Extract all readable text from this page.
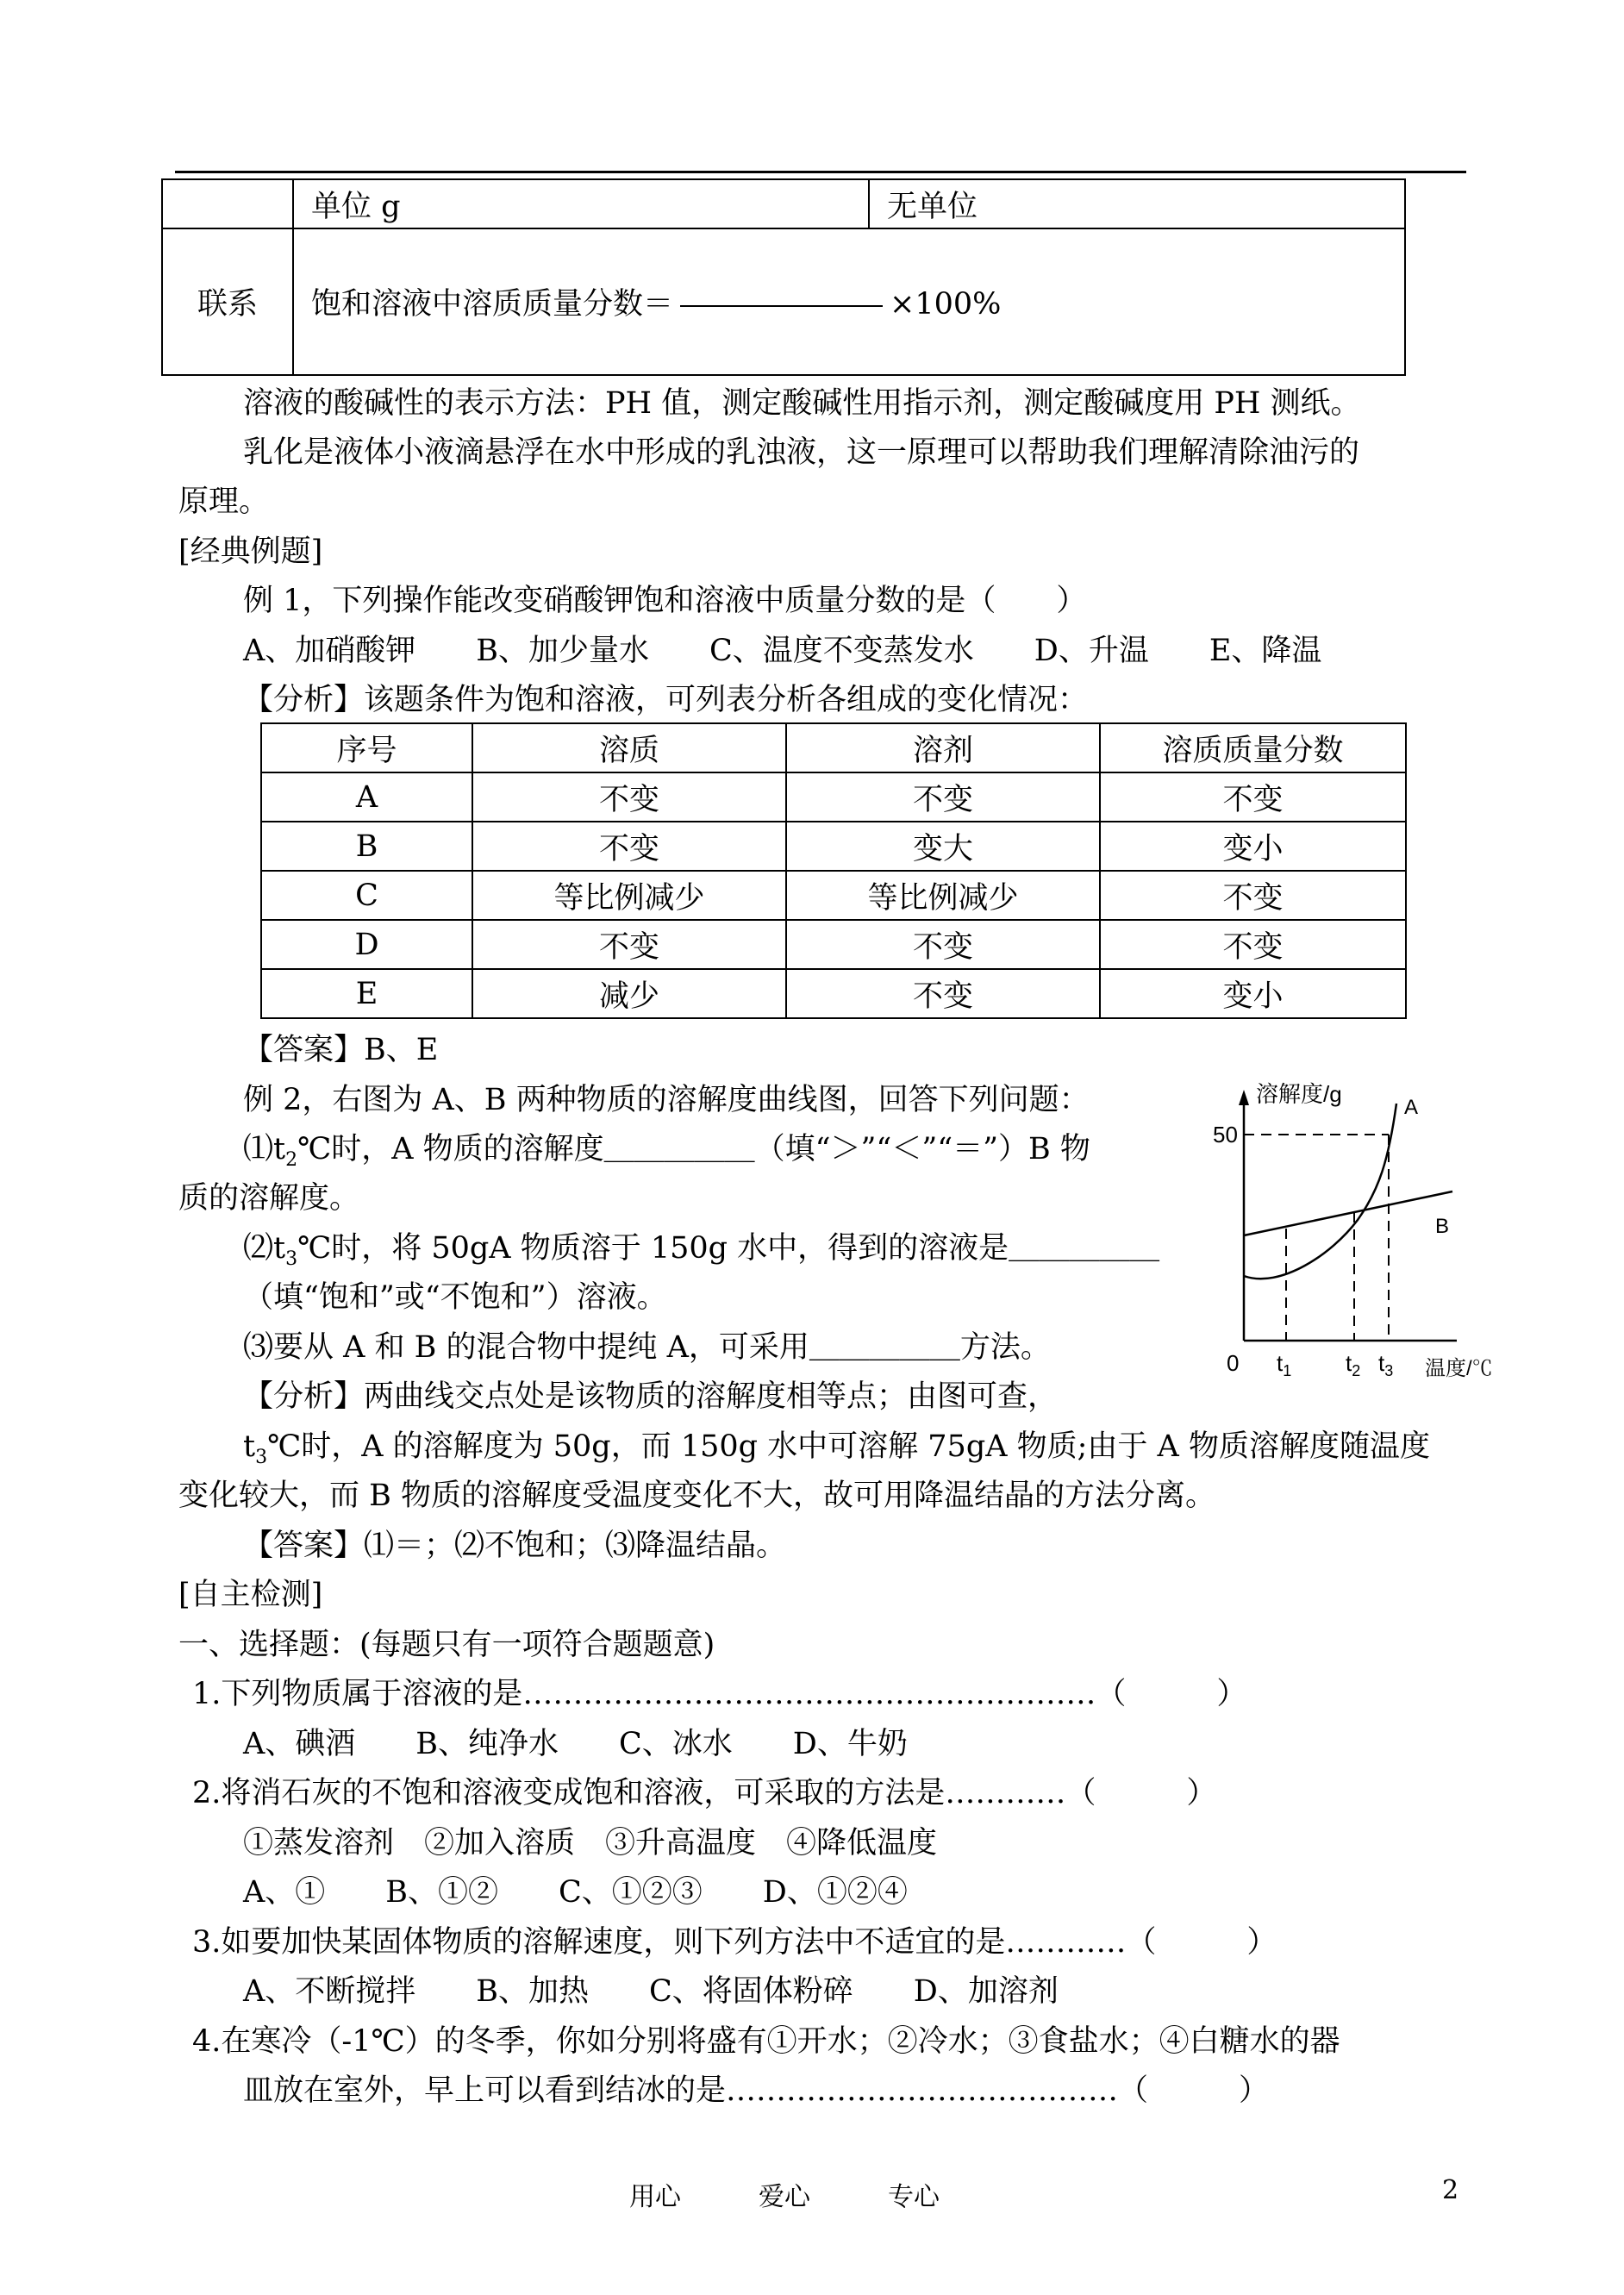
	单位 g	无单位
联系	饱和溶液中溶质质量分数＝ ×100%	
溶液的酸碱性的表示方法：PH 值，测定酸碱性用指示剂，测定酸碱度用 PH 测纸。
乳化是液体小液滴悬浮在水中形成的乳浊液，这一原理可以帮助我们理解清除油污的
原理。
[经典例题]
例 1，下列操作能改变硝酸钾饱和溶液中质量分数的是（　　）
A、加硝酸钾　　B、加少量水　　C、温度不变蒸发水　　D、升温　　E、降温
【分析】该题条件为饱和溶液，可列表分析各组成的变化情况：
序号	溶质	溶剂	溶质质量分数
A	不变	不变	不变
B	不变	变大	变小
C	等比例减少	等比例减少	不变
D	不变	不变	不变
E	减少	不变	变小
【答案】B、E
例 2，右图为 A、B 两种物质的溶解度曲线图，回答下列问题：
$⑴t_2℃$时，A 物质的溶解度＿＿＿＿＿（填“＞”“＜”“＝”）B 物
质的溶解度。
$⑵t_3℃$时，将 50gA 物质溶于 150g 水中，得到的溶液是＿＿＿＿＿
（填“饱和”或“不饱和”）溶液。
⑶要从 A 和 B 的混合物中提纯 A，可采用＿＿＿＿＿方法。
【分析】两曲线交点处是该物质的溶解度相等点；由图可查，
$t_3℃$时，A 的溶解度为 50g，而 150g 水中可溶解 75gA 物质;由于 A 物质溶解度随温度
变化较大，而 B 物质的溶解度受温度变化不大，故可用降温结晶的方法分离。
【答案】⑴＝；⑵不饱和；⑶降温结晶。
溶解度/g
50
0 $t_1$ $t_2$ $t_3$ 温度/℃
A
B
[自主检测]
一、选择题：(每题只有一项符合题题意)
1.下列物质属于溶液的是…………………………………………………（　　　）
A、碘酒　　B、纯净水　　C、冰水　　D、牛奶
2.将消石灰的不饱和溶液变成饱和溶液，可采取的方法是…………（　　　）
①蒸发溶剂　②加入溶质　③升高温度　④降低温度
A、①　　B、①②　　C、①②③　　D、①②④
3.如要加快某固体物质的溶解速度，则下列方法中不适宜的是…………（　　　）
A、不断搅拌　　B、加热　　C、将固体粉碎　　D、加溶剂
4.在寒冷（-1℃）的冬季，你如分别将盛有①开水；②冷水；③食盐水；④白糖水的器
皿放在室外，早上可以看到结冰的是…………………………………（　　　）
用心　　　爱心　　　专心	2
